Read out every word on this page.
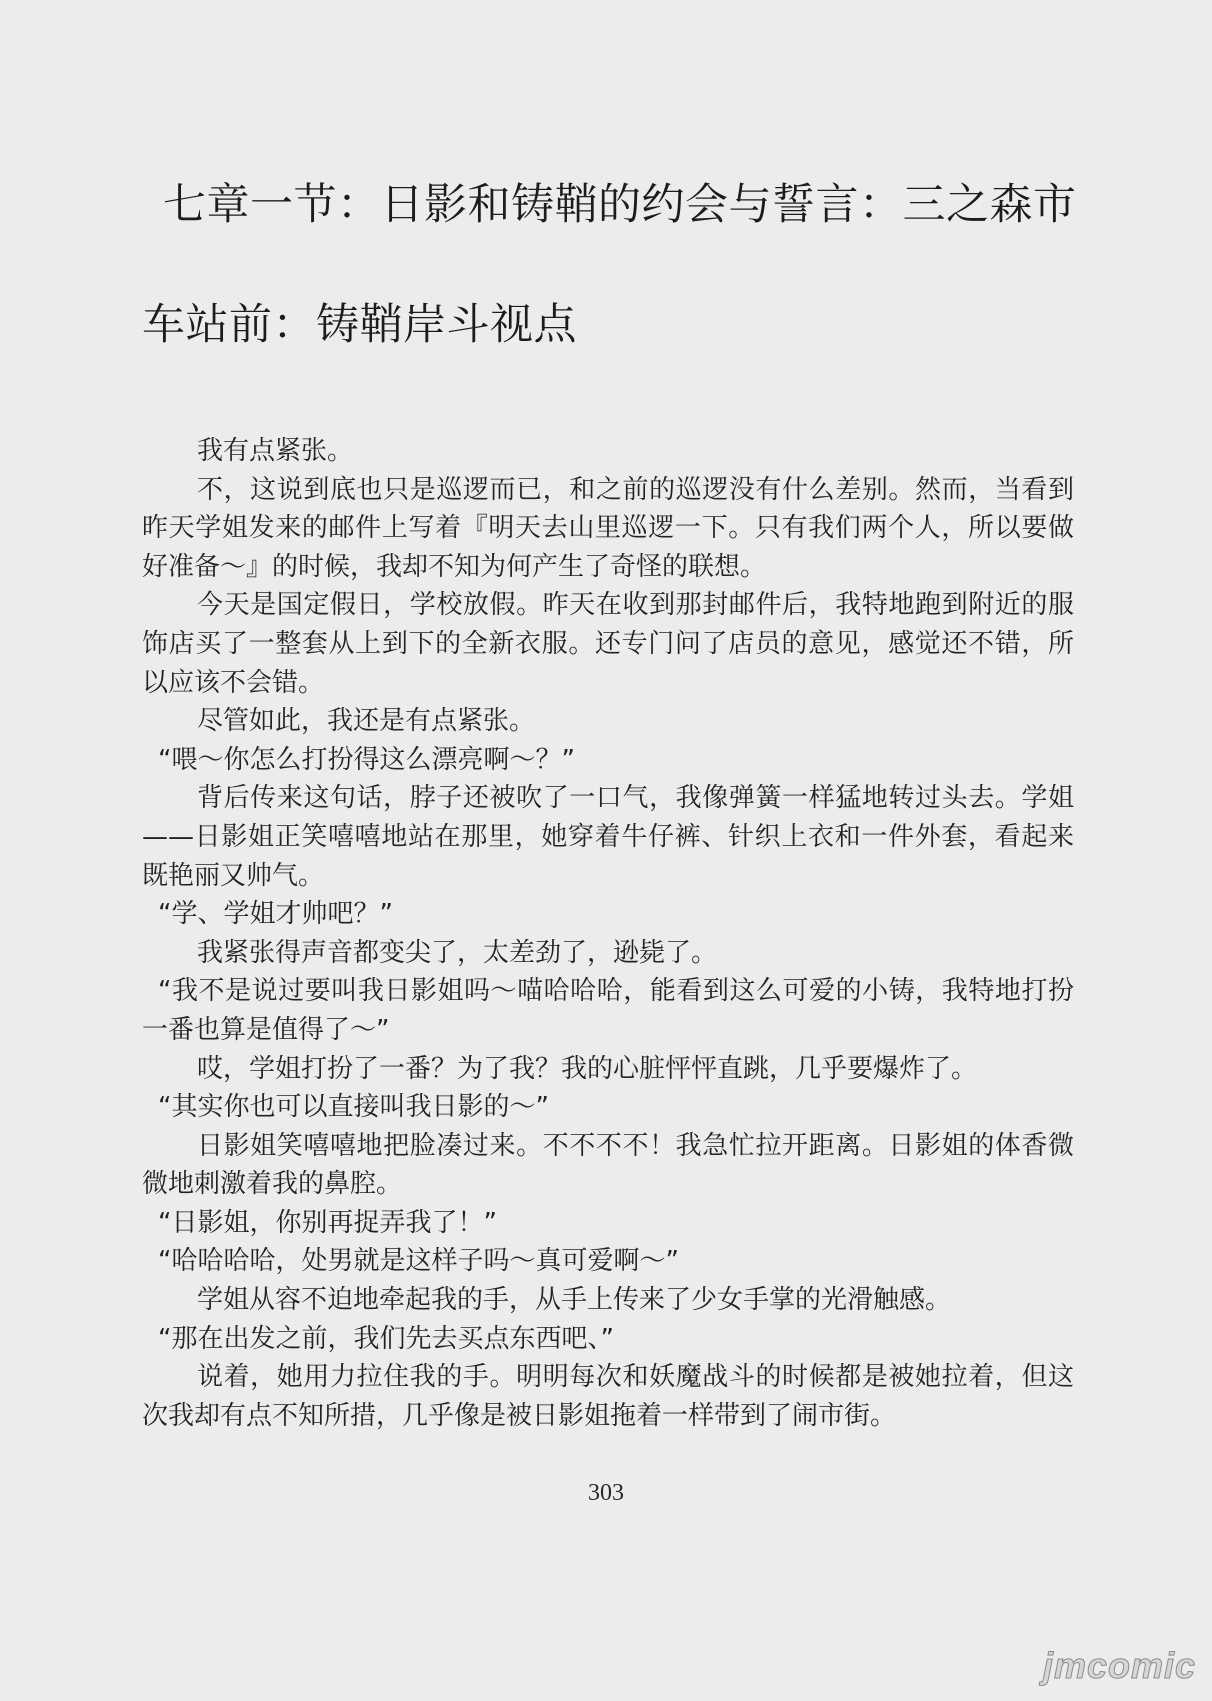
七章一节：日影和铸鞘的约会与誓言：三之森市
车站前：铸鞘岸斗视点

我有点紧张。

不，这说到底也只是巡逻而已，和之前的巡逻没有什么差别。然而，当看到昨天学姐发来的邮件上写着『明天去山里巡逻一下。只有我们两个人，所以要做好准备～』的时候，我却不知为何产生了奇怪的联想。

今天是国定假日，学校放假。昨天在收到那封邮件后，我特地跑到附近的服饰店买了一整套从上到下的全新衣服。还专门问了店员的意见，感觉还不错，所以应该不会错。

尽管如此，我还是有点紧张。

“喂～你怎么打扮得这么漂亮啊～？”

背后传来这句话，脖子还被吹了一口气，我像弹簧一样猛地转过头去。学姐——日影姐正笑嘻嘻地站在那里，她穿着牛仔裤、针织上衣和一件外套，看起来既艳丽又帅气。

“学、学姐才帅吧？”

我紧张得声音都变尖了，太差劲了，逊毙了。

“我不是说过要叫我日影姐吗～喵哈哈哈，能看到这么可爱的小铸，我特地打扮一番也算是值得了～”

哎，学姐打扮了一番？为了我？我的心脏怦怦直跳，几乎要爆炸了。

“其实你也可以直接叫我日影的～”

日影姐笑嘻嘻地把脸凑过来。不不不不！我急忙拉开距离。日影姐的体香微微地刺激着我的鼻腔。

“日影姐，你别再捉弄我了！”

“哈哈哈哈，处男就是这样子吗～真可爱啊～”

学姐从容不迫地牵起我的手，从手上传来了少女手掌的光滑触感。

“那在出发之前，我们先去买点东西吧、”

说着，她用力拉住我的手。明明每次和妖魔战斗的时候都是被她拉着，但这次我却有点不知所措，几乎像是被日影姐拖着一样带到了闹市街。

303
jmcomic
